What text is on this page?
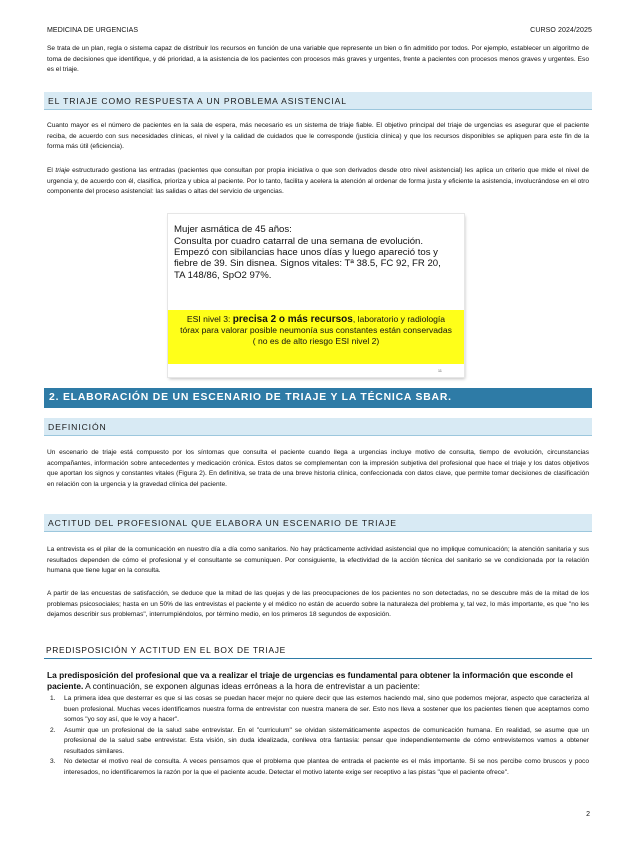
MEDICINA DE URGENCIAS	CURSO 2024/2025

Se trata de un plan, regla o sistema capaz de distribuir los recursos en función de una variable que represente un bien o fin admitido por todos. Por ejemplo, establecer un algoritmo de toma de decisiones que identifique, y dé prioridad, a la asistencia de los pacientes con procesos más graves y urgentes, frente a pacientes con procesos menos graves y urgentes. Eso es el triaje.

EL TRIAJE COMO RESPUESTA A UN PROBLEMA ASISTENCIAL

Cuanto mayor es el número de pacientes en la sala de espera, más necesario es un sistema de triaje fiable. El objetivo principal del triaje de urgencias es asegurar que el paciente reciba, de acuerdo con sus necesidades clínicas, el nivel y la calidad de cuidados que le corresponde (justicia clínica) y que los recursos disponibles se apliquen para este fin de la forma más útil (eficiencia).

El triaje estructurado gestiona las entradas (pacientes que consultan por propia iniciativa o que son derivados desde otro nivel asistencial) les aplica un criterio que mide el nivel de urgencia y, de acuerdo con él, clasifica, prioriza y ubica al paciente. Por lo tanto, facilita y acelera la atención al ordenar de forma justa y eficiente la asistencia, involucrándose en el otro componente del proceso asistencial: las salidas o altas del servicio de urgencias.

Mujer asmática de 45 años:

Consulta por cuadro catarral de una semana de evolución. Empezó con sibilancias hace unos días y luego apareció tos y fiebre de 39. Sin disnea. Signos vitales: Tª 38.5, FC 92, FR 20, TA 148/86, SpO2 97%.

ESI nivel 3: precisa 2 o más recursos, laboratorio y radiología tórax para valorar posible neumonía sus constantes están conservadas ( no es de alto riesgo ESI nivel 2)

11
2. ELABORACIÓN DE UN ESCENARIO DE TRIAJE Y LA TÉCNICA SBAR.
DEFINICIÓN

Un escenario de triaje está compuesto por los síntomas que consulta el paciente cuando llega a urgencias incluye motivo de consulta, tiempo de evolución, circunstancias acompañantes, información sobre antecedentes y medicación crónica. Estos datos se complementan con la impresión subjetiva del profesional que hace el triaje y los datos objetivos que aportan los signos y constantes vitales (Figura 2). En definitiva, se trata de una breve historia clínica, confeccionada con datos clave, que permite tomar decisiones de clasificación en relación con la urgencia y la gravedad clínica del paciente.

ACTITUD DEL PROFESIONAL QUE ELABORA UN ESCENARIO DE TRIAJE

La entrevista es el pilar de la comunicación en nuestro día a día como sanitarios. No hay prácticamente actividad asistencial que no implique comunicación; la atención sanitaria y sus resultados dependen de cómo el profesional y el consultante se comuniquen. Por consiguiente, la efectividad de la acción técnica del sanitario se ve condicionada por la relación humana que tiene lugar en la consulta.

A partir de las encuestas de satisfacción, se deduce que la mitad de las quejas y de las preocupaciones de los pacientes no son detectadas, no se descubre más de la mitad de los problemas psicosociales; hasta en un 50% de las entrevistas el paciente y el médico no están de acuerdo sobre la naturaleza del problema y, tal vez, lo más importante, es que "no les dejamos describir sus problemas", interrumpiéndolos, por término medio, en los primeros 18 segundos de exposición.

PREDISPOSICIÓN Y ACTITUD EN EL BOX DE TRIAJE

La predisposición del profesional que va a realizar el triaje de urgencias es fundamental para obtener la información que esconde el paciente. A continuación, se exponen algunas ideas erróneas a la hora de entrevistar a un paciente:

1. La primera idea que desterrar es que si las cosas se puedan hacer mejor no quiere decir que las estemos haciendo mal, sino que podemos mejorar, aspecto que caracteriza al buen profesional. Muchas veces identificamos nuestra forma de entrevistar con nuestra manera de ser. Esto nos lleva a sostener que los pacientes tienen que aceptarnos como somos "yo soy así, que le voy a hacer".
2. Asumir que un profesional de la salud sabe entrevistar. En el "curriculum" se olvidan sistemáticamente aspectos de comunicación humana. En realidad, se asume que un profesional de la salud sabe entrevistar. Esta visión, sin duda idealizada, conlleva otra fantasía: pensar que independientemente de cómo entrevistemos vamos a obtener resultados similares.
3. No detectar el motivo real de consulta. A veces pensamos que el problema que plantea de entrada el paciente es el más importante. Si se nos percibe como bruscos y poco interesados, no identificaremos la razón por la que el paciente acude. Detectar el motivo latente exige ser receptivo a las pistas "que el paciente ofrece".
2
